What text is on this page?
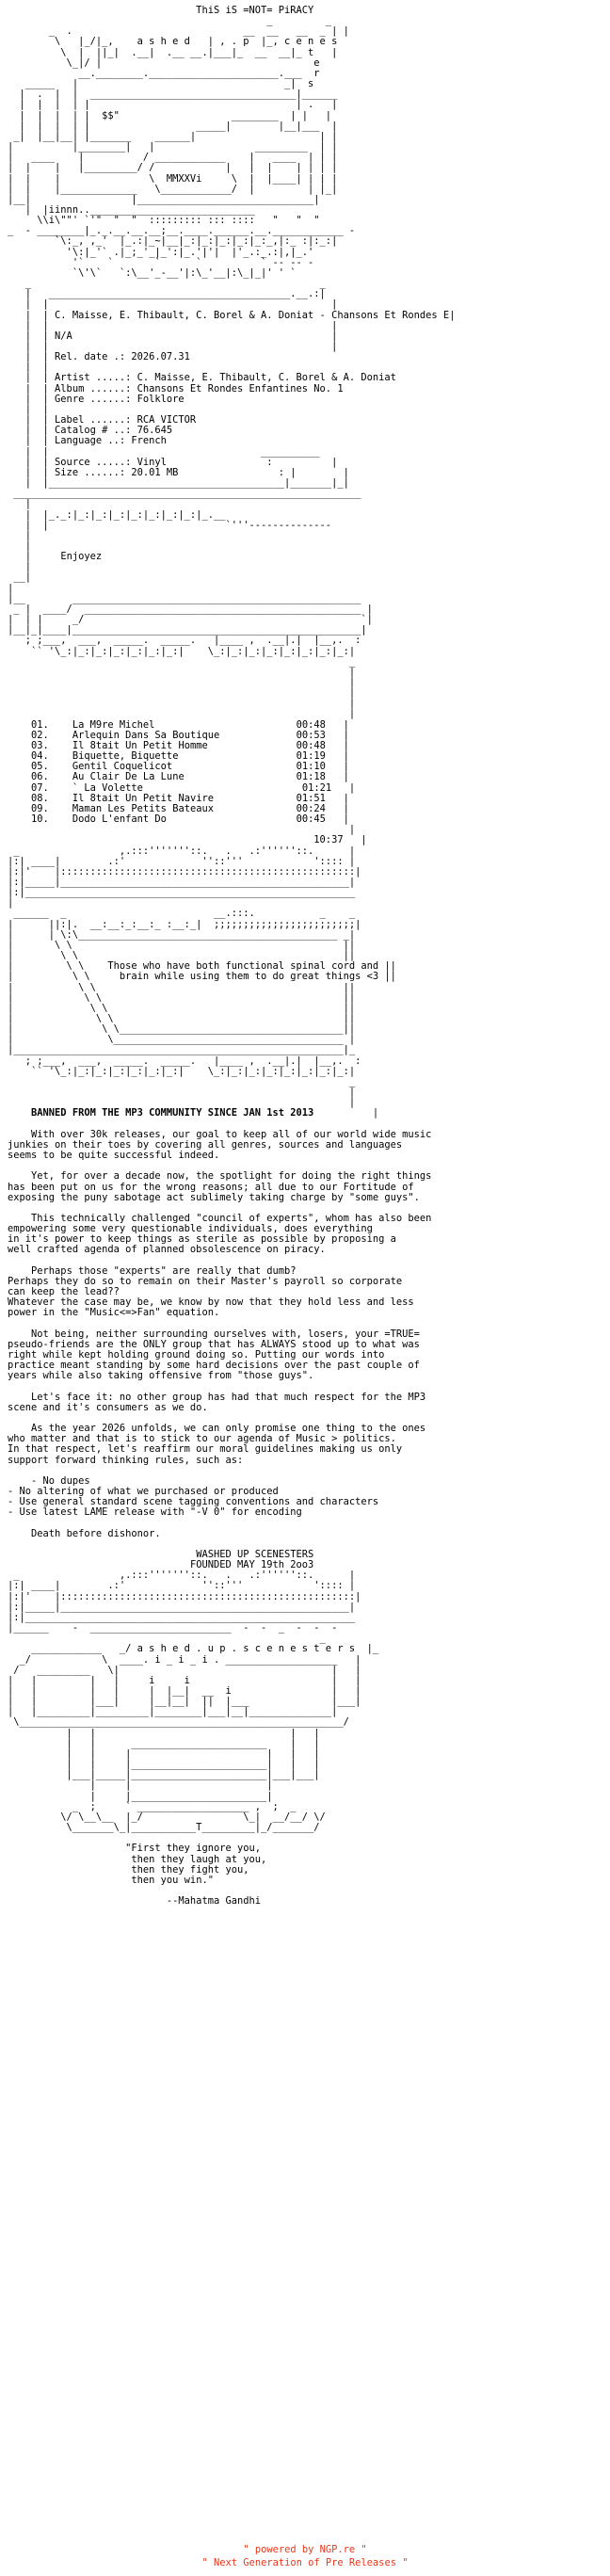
ThiS iS =NOT= PiRACY
_         _
_  .                             __  __   __  _ | |
\   |_/|_,    a s h e d   | , . p  |_, c e n e s
\  |  ||_|  .__|  .__ __.|___|_  __  __|_ t   |
\_|/ |                                    e
__.________.______________________.___  r
_____   |                                   _|  s
|  .  |  |  ___________________________________|______
|  |  |  | |                                   | .   |
|  |  |  | |  $$"                   ________  | |   |
|  |  |  | |                  _____|        |__|___  |
_|  |__|__| |_______    ______|                     | |
|          |________|   |                 _________  | |
|   ____    |          / ____________    |   ____  | | |
|  |    |   |_________/ /            |   |  |    | | | |
|  |    |               \  MMXXVi     \  |  |____| | | |
|  |    |_____________   \____________/  |         | |_|
|__|                 |______________________________|
|  |iinnn..____________________________
\\i\""' `'"  "  "  ::::::::: ::: ::::   "   "  "
_  - ________|_._.__.__.__;__.____.______.__.____________ -
`\:_, ,_'  |_.:|_~|__|_:|_:|_:|_:|_:_,|:_ :|:_:|
'\:|_'` .|_;_'_|_':|_.'|'|  |'_.:_.:|,|_.'
'`    `       `      `          ` -- -- -
`\'\`   `:\__'_-__'|:\_'__|:\_|_|' ' `
_                                                 _
|   _________________________________________.__.:|
|  |                                                |
|  | C. Maisse, E. Thibault, C. Borel & A. Doniat - Chansons Et Rondes E|
|  |                                                |
|  | N/A	|
|  |                                                |
|  | Rel. date .: 2026.07.31
|  |
|  | Artist .....: C. Maisse, E. Thibault, C. Borel & A. Doniat
|  | Album ......: Chansons Et Rondes Enfantines No. 1
|  | Genre ......: Folklore
|  |
|  | Label ......: RCA VICTOR
|  | Catalog # ..: 76.645
|  | Language ..: French
|  |                                    __________
|  | Source .....: Vinyl	:          |
|  | Size ......: 20.01 MB	: |        |
|  |________________________________________|_______|_|
___________________________________________________________
|
|  |_._:|_:|_:|_:|_:|_:|_:|_:|_.__
|  |                              `'''--------------
|
|
|	Enjoyez
|
__|
|
|__        _________________________________________________
_ |  ____/  _______________________________________________ |
|  | |     _/                                               `|
|__|_|____|_________________________________________________|
; ;___,  ___,  _____.  _____.   |____ ,  .__|.|  |__,.  :
`` '\_:|_:|_:|_:|_:|_:|_:|    \_:|_:|_:|_:|_:|_:|_:|_:|
_
|
|
|
|
|
01. La M9re Michel	00:48   |
02. Arlequin Dans Sa Boutique	00:53   |
03. Il 8tait Un Petit Homme	00:48   |
04. Biquette, Biquette	01:19   |
05. Gentil Coquelicot	01:10   |
06. Au Clair De La Lune	01:18   |
07. ` La Volette	01:21   |
08. Il 8tait Un Petit Navire	01:51   |
09. Maman Les Petits Bateaux	00:24   |
10. Dodo L'enfant Do	00:45   |
|
10:37   |
_                 ,.:::'''''''::.   .   .:''''''::.      |
|:| ____|        .:'             ''::'''            ':::: |
|:|'    |::::::::::::::::::::::::::::::::::::::::::::::::::|
|:|_____|_________________________________________________|
|:|________________________________________________________
|
______  _                         __.:::.           _    _
|      ||:|.  __:__:_:__:_ :__:_|  ;;;;;;;;;;;;;;;;;;;;;;;;|
|      | \:\____________________________________________ _|
|       \ \                                              ||
|        \ \                                             ||
|         \ \    Those who have both functional spinal cord and ||
|          \ \	brain while using them to do great things <3 ||
|           \ \                                          ||
|            \ \                                         ||
|             \ \                                        ||
|              \ \                                       ||
|               \ \______________________________________||
|                \_______________________________________ |
|________________________________________________________|_
; ;___,  ___,  _____.  _____.   |____ ,  .__|.|  |__,.  :
`` '\_:|_:|_:|_:|_:|_:|_:|    \_:|_:|_:|_:|_:|_:|_:|_:|
_
|
|
BANNED FROM THE MP3 COMMUNITY SINCE JAN 1st 2013	|

With over 30k releases, our goal to keep all of our world wide music
junkies on their toes by covering all genres, sources and languages
seems to be quite successful indeed.

Yet, for over a decade now, the spotlight for doing the right things
has been put on us for the wrong reasons; all due to our Fortitude of
exposing the puny sabotage act sublimely taking charge by "some guys".

This technically challenged "council of experts", whom has also been
empowering some very questionable individuals, does everything
in it's power to keep things as sterile as possible by proposing a
well crafted agenda of planned obsolescence on piracy.

Perhaps those "experts" are really that dumb?
Perhaps they do so to remain on their Master's payroll so corporate
can keep the lead??
Whatever the case may be, we know by now that they hold less and less
power in the "Music<=>Fan" equation.

Not being, neither surrounding ourselves with, losers, your =TRUE=
pseudo-friends are the ONLY group that has ALWAYS stood up to what was
right while kept holding ground doing so. Putting our words into
practice meant standing by some hard decisions over the past couple of
years while also taking offensive from "those guys".

Let's face it: no other group has had that much respect for the MP3
scene and it's consumers as we do.

As the year 2026 unfolds, we can only promise one thing to the ones
who matter and that is to stick to our agenda of Music > politics.
In that respect, let's reaffirm our moral guidelines making us only
support forward thinking rules, such as:

- No dupes
- No altering of what we purchased or produced
- Use general standard scene tagging conventions and characters
- Use latest LAME release with "-V 0" for encoding

Death before dishonor.

WASHED UP SCENESTERS
FOUNDED MAY 19th 2oo3
_                 ,.:::'''''''::.   .   .:''''''::.      |
|:| ____|        .:'             ''::'''            ':::: |
|:|'    |::::::::::::::::::::::::::::::::::::::::::::::::::|
|:|_____|_________________________________________________|
|:|________________________________________________________
|______    -  ________________________  -  -  _  -  -  -
_
____________   _/ a s h e d . u p . s c e n e s t e r s  |_
_/            \  ____. i _ i _ i . ___________________   |
/   _________   \|                                    |   |
|   |         |   |     i     i                        |   |
|   |         |   |     |  |__|  __  i                 |   |
|   |         |___|     |__|__|  ||  |___              |___|
|   |_________|_________|________|___|__|______________|
\_______________________________________________________/
|   |                                 |   |
|   |      _______________________    |   |
|   |     |                       |   |   |
|   |     |_______________________|   |   |
|___|_____|_______________________|___|___|
|     |                       |
|     |_______________________|
_  ;     ` ___________________ ,  ;  _
\/ \__\__  |_/                 \_|  __/__/ \/
\_______\_|___________T_________|_/_______/

"First they ignore you,
then they laugh at you,
then they fight you,
then you win."

--Mahatma Gandhi

" powered by NGP.re "
" Next Generation of Pre Releases "
